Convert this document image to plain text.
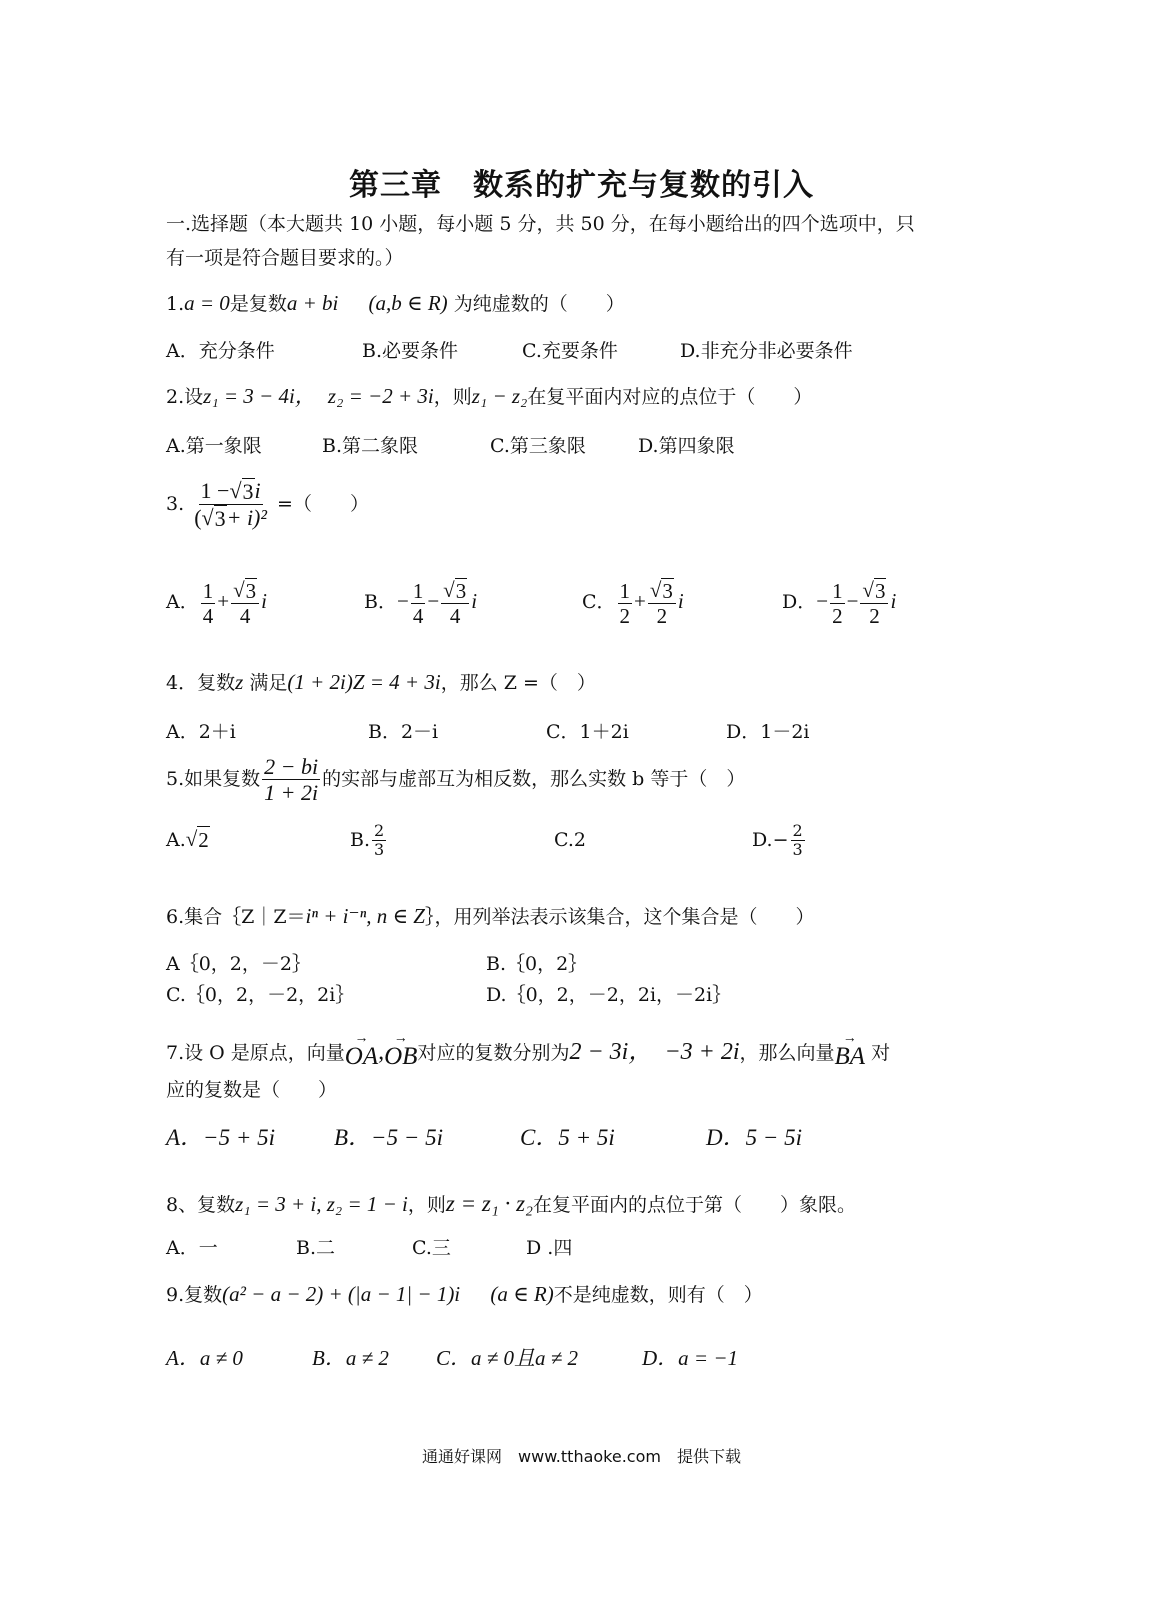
第三章　数系的扩充与复数的引入
一.选择题（本大题共 10 小题，每小题 5 分，共 50 分，在每小题给出的四个选项中，只
有一项是符合题目要求的。）
1.a = 0是复数a + bi (a,b ∈ R) 为纯虚数的（　　）
A．充分条件	B.必要条件	C.充要条件	D.非充分非必要条件
2.设z₁ = 3 − 4i， z₂ = −2 + 3i，则z₁ − z₂在复平面内对应的点位于（　　）
A.第一象限	B.第二象限	C.第三象限	D.第四象限
3. $\frac{1 - √ 3 i}{\text{( √ 3 + i)²}}$ =（　　）
A． $\frac{1}{4} + \frac{√ 3}{4}$ i	B．− $\frac{1}{4} - \frac{√ 3}{4}$ i	C． $\frac{1}{2} + \frac{√ 3}{2}$ i	D．− $\frac{1}{2} - \frac{√ 3}{2}$ i
4．复数z 满足(1 + 2i)Z = 4 + 3i，那么 Z =（　）
A．2＋i	B．2－i	C．1＋2i	D．1－2i
5.如果复数 $\frac{2 - bi}{1 + 2i}$ 的实部与虚部互为相反数，那么实数 b 等于（　）
A. √ 2	B. $\frac{2}{3}$	C.2	$D.- \frac{2}{3}$
6.集合｛Z｜Z＝iⁿ + i⁻ⁿ, n ∈ Z｝，用列举法表示该集合，这个集合是（　　）
A｛0，2，－2｝	B.｛0，2｝
C.｛0，2，－2，2i｝	D.｛0，2，－2，2i，－2i｝
7.设 O 是原点，向量
→
OA ,
→
OB 对应的复数分别为2 − 3i， −3 + 2i，那么向量
→
BA 对
应的复数是（　　）
A．−5 + 5i	B．−5 − 5i	C．5 + 5i	D．5 − 5i
8、复数z₁ = 3 + i, z₂ = 1 − i，则z = z₁ · z₂在复平面内的点位于第（　　）象限。
A．一	B.二	C.三	D .四
9.复数(a² − a − 2) + (|a − 1| − 1)i (a ∈ R)不是纯虚数，则有（　）
A．a ≠ 0	B．a ≠ 2 C．a ≠ 0且a ≠ 2	D．a = −1
通通好课网　www.tthaoke.com　提供下载
